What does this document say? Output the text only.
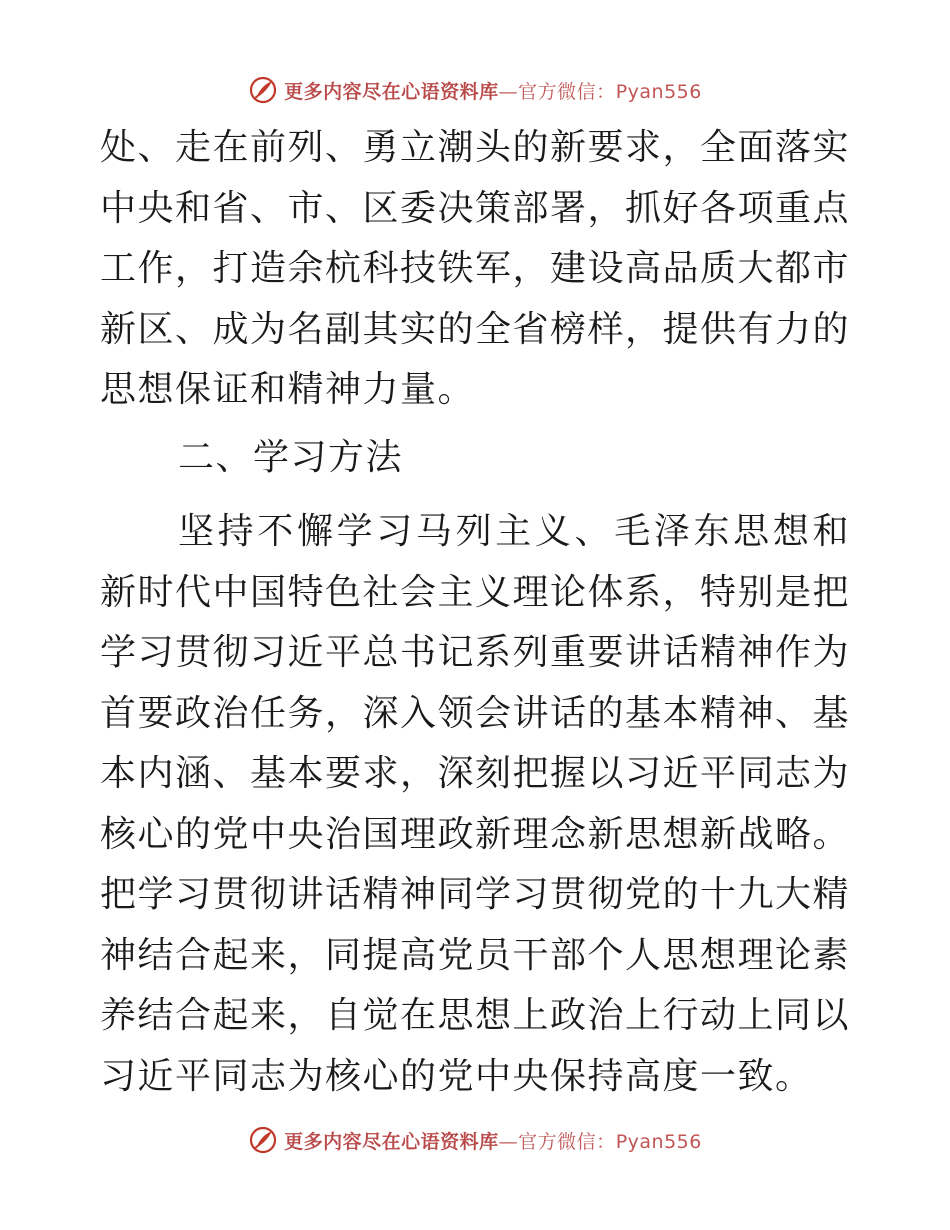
更多内容尽在心语资料库—官方微信：Pyan556

处、走在前列、勇立潮头的新要求，全面落实中央和省、市、区委决策部署，抓好各项重点工作，打造余杭科技铁军，建设高品质大都市新区、成为名副其实的全省榜样，提供有力的思想保证和精神力量。

二、学习方法

坚持不懈学习马列主义、毛泽东思想和新时代中国特色社会主义理论体系，特别是把学习贯彻习近平总书记系列重要讲话精神作为首要政治任务，深入领会讲话的基本精神、基本内涵、基本要求，深刻把握以习近平同志为核心的党中央治国理政新理念新思想新战略。把学习贯彻讲话精神同学习贯彻党的十九大精神结合起来，同提高党员干部个人思想理论素养结合起来，自觉在思想上政治上行动上同以习近平同志为核心的党中央保持高度一致。

更多内容尽在心语资料库—官方微信：Pyan556
